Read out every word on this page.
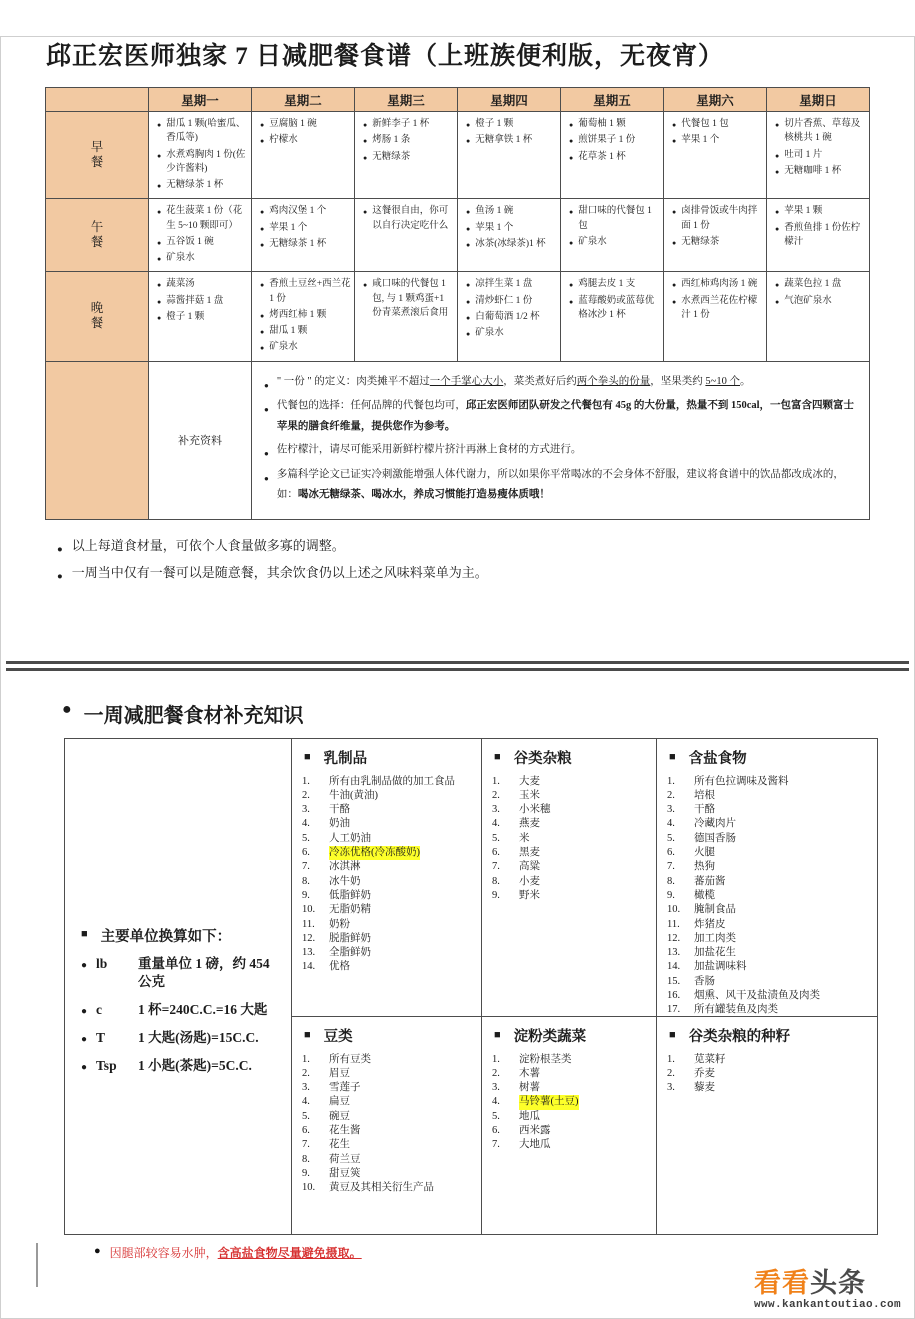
邱正宏医师独家 7 日减肥餐食谱（上班族便利版，无夜宵）
	星期一	星期二	星期三	星期四	星期五	星期六	星期日

早
餐

● 甜瓜 1 颗(哈蜜瓜、香瓜等)
● 水煮鸡胸肉 1 份(佐少许酱料)
● 无糖绿茶 1 杯

● 豆腐脑 1 碗
● 柠檬水

● 新鲜李子 1 杯
● 烤肠 1 条
● 无糖绿茶

● 橙子 1 颗
● 无糖拿铁 1 杯

● 葡萄柚 1 颗
● 煎饼果子 1 份
● 花草茶 1 杯

● 代餐包 1 包
● 苹果 1 个

● 切片香蕉、草莓及核桃共 1 碗
● 吐司 1 片
● 无糖咖啡 1 杯

午
餐

● 花生菠菜 1 份（花生 5~10 颗即可）
● 五谷饭 1 碗
● 矿泉水

● 鸡肉汉堡 1 个
● 苹果 1 个
● 无糖绿茶 1 杯

● 这餐很自由，你可以自行决定吃什么

● 鱼汤 1 碗
● 苹果 1 个
● 冰茶(冰绿茶)1 杯

● 甜口味的代餐包 1 包
● 矿泉水

● 卤排骨饭或牛肉拌面 1 份
● 无糖绿茶

● 苹果 1 颗
● 香煎鱼排 1 份佐柠檬汁

晚
餐

● 蔬菜汤
● 蒜酱拌菇 1 盘
● 橙子 1 颗

● 香煎土豆丝+西兰花 1 份
● 烤西红柿 1 颗
● 甜瓜 1 颗
● 矿泉水

● 咸口味的代餐包 1 包, 与 1 颗鸡蛋+1 份青菜煮滚后食用

● 凉拌生菜 1 盘
● 清炒虾仁 1 份
● 白葡萄酒 1/2 杯
● 矿泉水

● 鸡腿去皮 1 支
● 蓝莓酸奶或蓝莓优格冰沙 1 杯

● 西红柿鸡肉汤 1 碗
● 水煮西兰花佐柠檬汁 1 份

● 蔬菜色拉 1 盘
● 气泡矿泉水

	补充资料	
● " 一份 " 的定义：肉类摊平不超过一个手掌心大小，菜类煮好后约两个拳头的份量，坚果类约 5~10 个。
● 代餐包的选择：任何品牌的代餐包均可，邱正宏医师团队研发之代餐包有 45g 的大份量，热量不到 150cal，一包富含四颗富士苹果的膳食纤维量，提供您作为参考。
● 佐柠檬汁，请尽可能采用新鲜柠檬片挤汁再淋上食材的方式进行。
● 多篇科学论文已证实冷刺激能增强人体代谢力，所以如果你平常喝冰的不会身体不舒服，建议将食谱中的饮品都改成冰的，如：喝冰无糖绿茶、喝冰水，养成习惯能打造易瘦体质哦！
● 以上每道食材量，可依个人食量做多寡的调整。
● 一周当中仅有一餐可以是随意餐，其余饮食仍以上述之风味料菜单为主。
● 一周减肥餐食材补充知识
■ 主要单位换算如下：
● lb	重量单位 1 磅，约 454 公克
● c	1 杯=240C.C.=16 大匙
● T	1 大匙(汤匙)=15C.C.
● Tsp	1 小匙(茶匙)=5C.C.
■ 乳制品
1.	所有由乳制品做的加工食品
2.	牛油(黄油)
3.	干酪
4.	奶油
5.	人工奶油
6.	冷冻优格(冷冻酸奶)
7.	冰淇淋
8.	冰牛奶
9.	低脂鲜奶
10.	无脂奶精
11.	奶粉
12.	脱脂鲜奶
13.	全脂鲜奶
14.	优格
■ 谷类杂粮
1.	大麦
2.	玉米
3.	小米穗
4.	燕麦
5.	米
6.	黑麦
7.	高粱
8.	小麦
9.	野米
■ 含盐食物
1.	所有色拉调味及酱料
2.	培根
3.	干酪
4.	冷藏肉片
5.	德国香肠
6.	火腿
7.	热狗
8.	蕃茄酱
9.	橄榄
10.	腌制食品
11.	炸猪皮
12.	加工肉类
13.	加盐花生
14.	加盐调味料
15.	香肠
16.	烟熏、风干及盐渍鱼及肉类
17.	所有罐装鱼及肉类
■ 豆类
1.	所有豆类
2.	眉豆
3.	雪莲子
4.	扁豆
5.	碗豆
6.	花生酱
7.	花生
8.	荷兰豆
9.	甜豆筴
10.	黄豆及其相关衍生产品
■ 淀粉类蔬菜
1.	淀粉根茎类
2.	木薯
3.	树薯
4.	马铃薯(土豆)
5.	地瓜
6.	西米露
7.	大地瓜
■ 谷类杂粮的种籽
1.	苋菜籽
2.	乔麦
3.	藜麦
● 因腿部较容易水肿，含高盐食物尽量避免摄取。
看看头条
www.kankantoutiao.com
